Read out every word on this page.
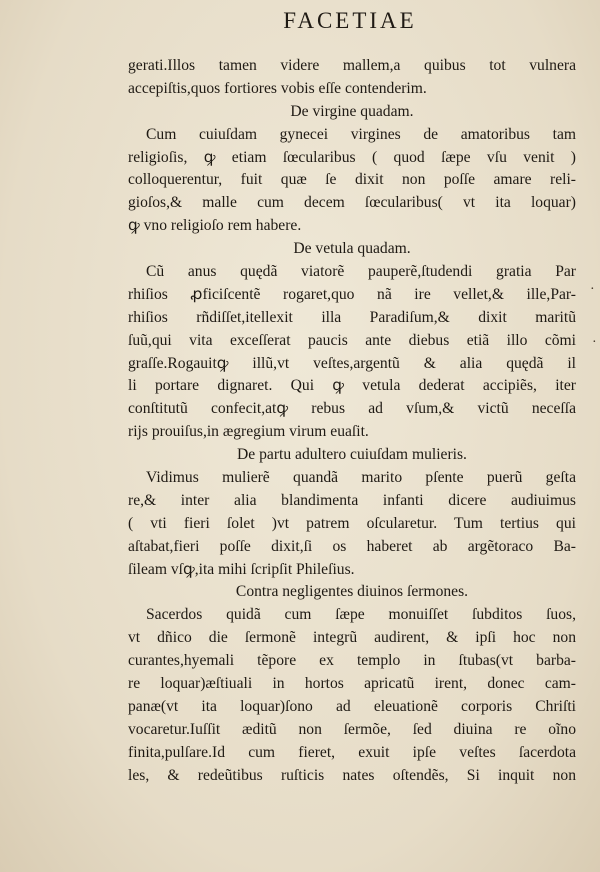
FACETIAE
gerati.Illos tamen videre mallem,a quibus tot vulnera
accepiſtis,quos fortiores vobis eſſe contenderim.
De virgine quadam.
Cum cuiuſdam gynecei virgines de amatoribus tam
religioſis, ꝙ etiam ſœcularibus ( quod ſæpe vſu venit )
colloquerentur, fuit quæ ſe dixit non poſſe amare reli-
gioſos,& malle cum decem ſœcularibus( vt ita loquar)
ꝙ vno religioſo rem habere.
De vetula quadam.
Cũ anus quędã viatorẽ pauperẽ,ſtudendi gratia Par
rhiſios ꝓficiſcentẽ rogaret,quo nã ire vellet,& ille,Par-
rhiſios rñdiſſet,itellexit illa Paradiſum,& dixit maritũ
ſuũ,qui vita exceſſerat paucis ante diebus etiã illo cõmi
graſſe.Rogauitꝙ illũ,vt veſtes,argentũ & alia quędã il
li portare dignaret. Qui ꝙ vetula dederat accipiẽs, iter
conſtitutũ confecit,atꝙ rebus ad vſum,& victũ neceſſa
rijs prouiſus,in ægregium virum euaſit.
De partu adultero cuiuſdam mulieris.
Vidimus mulierẽ quandã marito pſente puerũ geſta
re,& inter alia blandimenta infanti dicere audiuimus
( vti fieri ſolet )vt patrem oſcularetur. Tum tertius qui
aſtabat,fieri poſſe dixit,ſi os haberet ab argẽtoraco Ba-
ſileam vſꝙ,ita mihi ſcripſit Phileſius.
Contra negligentes diuinos ſermones.
Sacerdos quidã cum ſæpe monuiſſet ſubditos ſuos,
vt dñico die ſermonẽ integrũ audirent, & ipſi hoc non
curantes,hyemali tẽpore ex templo in ſtubas(vt barba-
re loquar)æſtiuali in hortos apricatũ irent, donec cam-
panæ(vt ita loquar)ſono ad eleuationẽ corporis Chriſti
vocaretur.Iuſſit æditũ non ſermõe, ſed diuina re oĩno
finita,pulſare.Id cum fieret, exuit ipſe veſtes ſacerdota
les, & redeũtibus ruſticis nates oſtendẽs, Si inquit non
·
·
